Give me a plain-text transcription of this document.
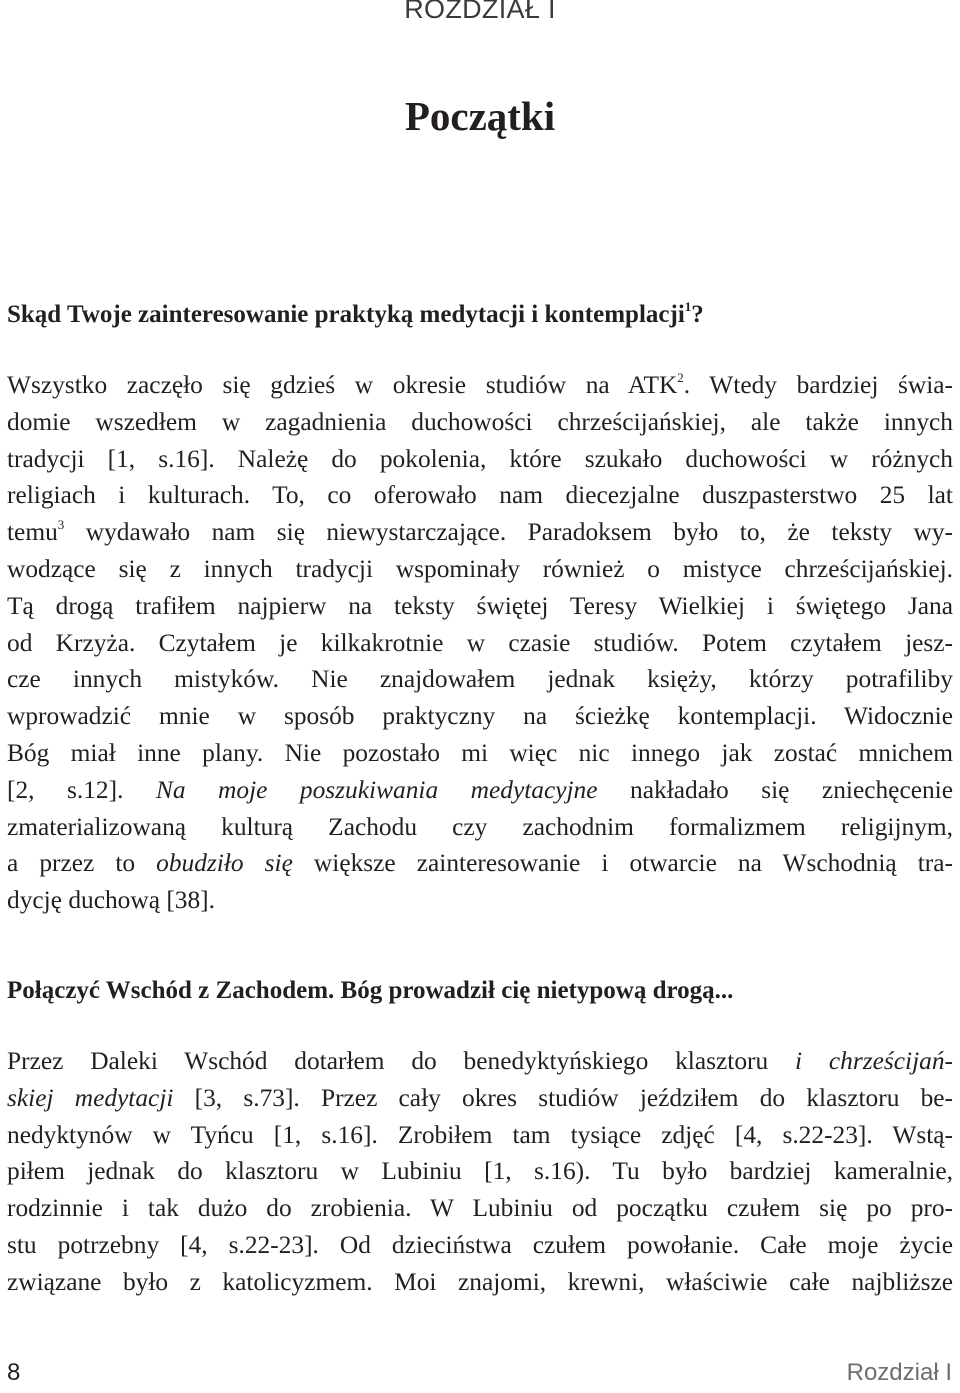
ROZDZIAŁ I
Początki
Skąd Twoje zainteresowanie praktyką medytacji i kontemplacji$^1$?
Wszystko zaczęło się gdzieś w okresie studiów na ATK$^2$. Wtedy bardziej świa-
domie wszedłem w zagadnienia duchowości chrześcijańskiej, ale także innych
tradycji [1, s.16]. Należę do pokolenia, które szukało duchowości w różnych
religiach i kulturach. To, co oferowało nam diecezjalne duszpasterstwo 25 lat
temu$^3$ wydawało nam się niewystarczające. Paradoksem było to, że teksty wy-
wodzące się z innych tradycji wspominały również o mistyce chrześcijańskiej.
Tą drogą trafiłem najpierw na teksty świętej Teresy Wielkiej i świętego Jana
od Krzyża. Czytałem je kilkakrotnie w czasie studiów. Potem czytałem jesz-
cze innych mistyków. Nie znajdowałem jednak księży, którzy potrafiliby
wprowadzić mnie w sposób praktyczny na ścieżkę kontemplacji. Widocznie
Bóg miał inne plany. Nie pozostało mi więc nic innego jak zostać mnichem
[2, s.12]. Na moje poszukiwania medytacyjne nakładało się zniechęcenie
zmaterializowaną kulturą Zachodu czy zachodnim formalizmem religijnym,
a przez to obudziło się większe zainteresowanie i otwarcie na Wschodnią tra-
dycję duchową [38].
Połączyć Wschód z Zachodem. Bóg prowadził cię nietypową drogą...
Przez Daleki Wschód dotarłem do benedyktyńskiego klasztoru i chrześcijań-
skiej medytacji [3, s.73]. Przez cały okres studiów jeździłem do klasztoru be-
nedyktynów w Tyńcu [1, s.16]. Zrobiłem tam tysiące zdjęć [4, s.22-23]. Wstą-
piłem jednak do klasztoru w Lubiniu [1, s.16). Tu było bardziej kameralnie,
rodzinnie i tak dużo do zrobienia. W Lubiniu od początku czułem się po pro-
stu potrzebny [4, s.22-23]. Od dzieciństwa czułem powołanie. Całe moje życie
związane było z katolicyzmem. Moi znajomi, krewni, właściwie całe najbliższe
8	Rozdział I
